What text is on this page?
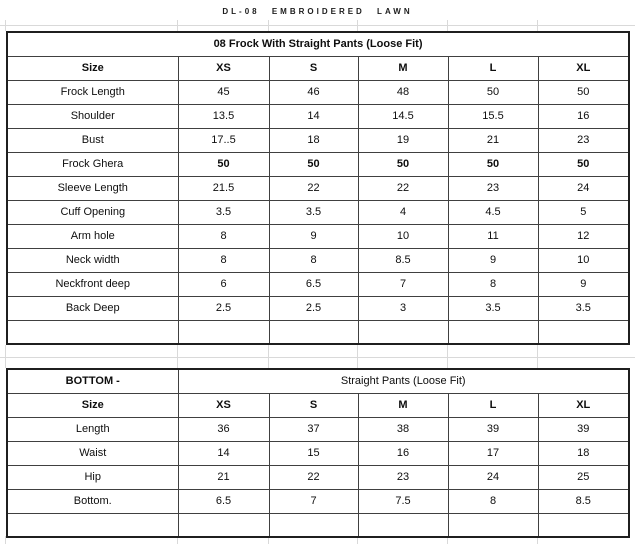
DL-08 EMBROIDERED LAWN
08 Frock With Straight Pants (Loose Fit)					
Size	XS	S	M	L	XL
Frock Length	45	46	48	50	50
Shoulder	13.5	14	14.5	15.5	16
Bust	17..5	18	19	21	23
Frock Ghera	50	50	50	50	50
Sleeve Length	21.5	22	22	23	24
Cuff Opening	3.5	3.5	4	4.5	5
Arm hole	8	9	10	11	12
Neck width	8	8	8.5	9	10
Neckfront deep	6	6.5	7	8	9
Back Deep	2.5	2.5	3	3.5	3.5

BOTTOM -	Straight Pants (Loose Fit)				
Size	XS	S	M	L	XL
Length	36	37	38	39	39
Waist	14	15	16	17	18
Hip	21	22	23	24	25
Bottom.	6.5	7	7.5	8	8.5
